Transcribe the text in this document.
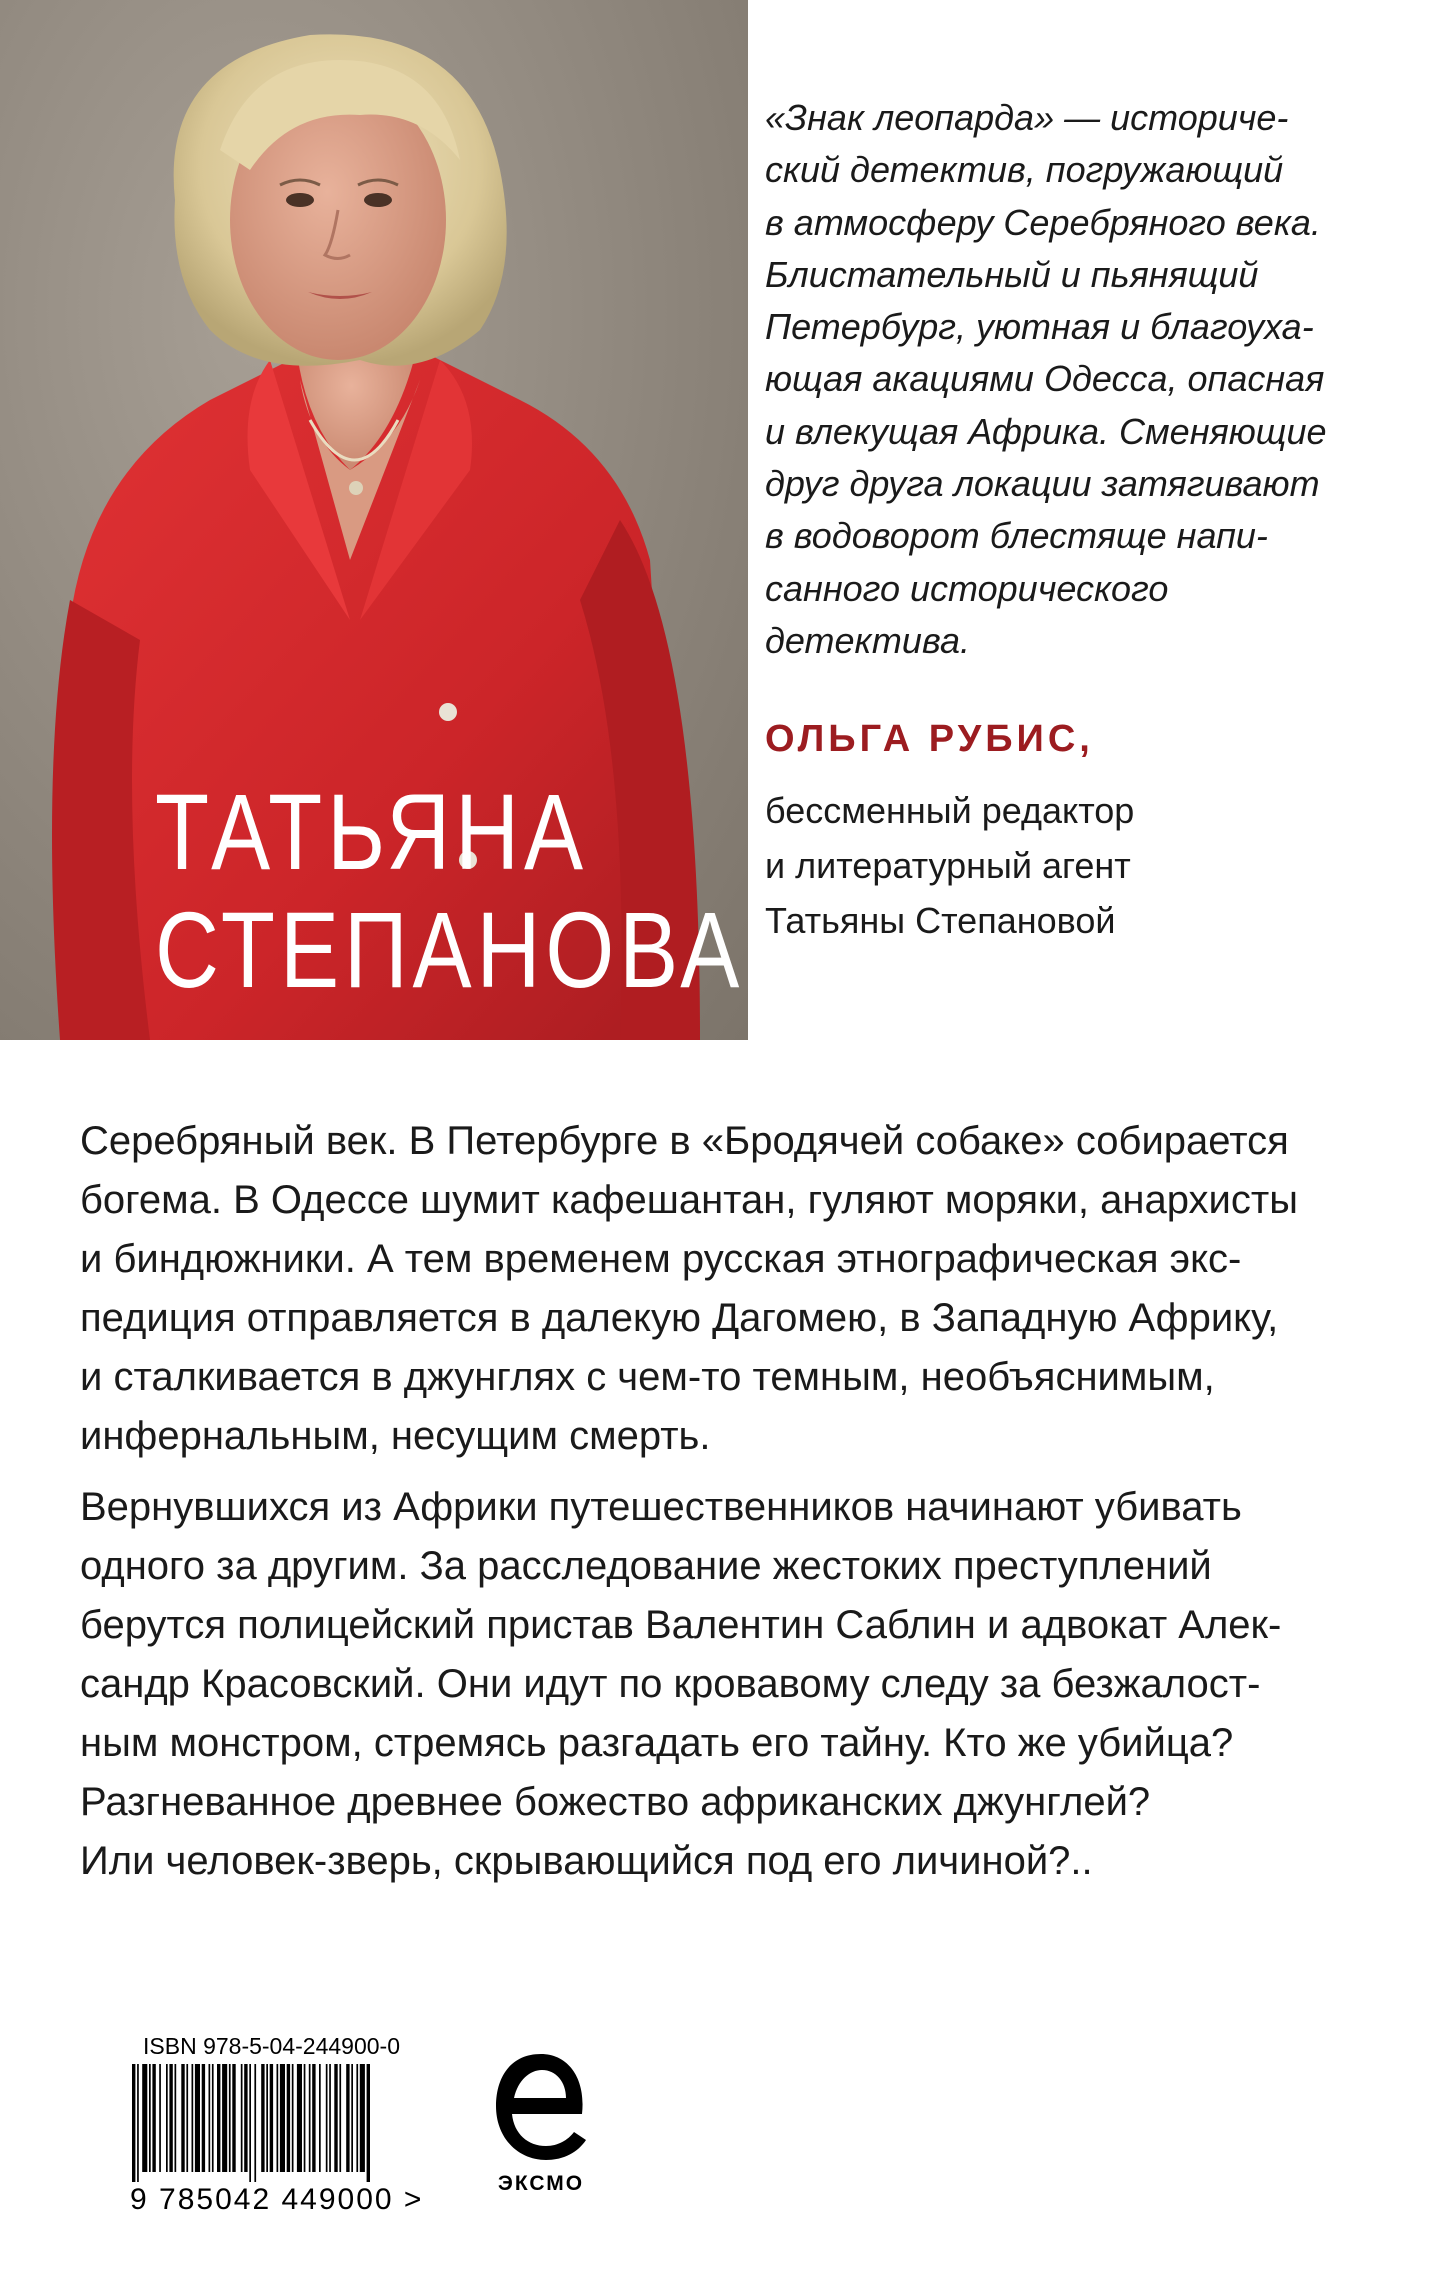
ТАТЬЯНА
СТЕПАНОВА
«Знак леопарда» — историче-
ский детектив, погружающий
в атмосферу Серебряного века.
Блистательный и пьянящий
Петербург, уютная и благоуха-
ющая акациями Одесса, опасная
и влекущая Африка. Сменяющие
друг друга локации затягивают
в водоворот блестяще напи-
санного исторического
детектива.
ОЛЬГА РУБИС,
бессменный редактор
и литературный агент
Татьяны Степановой
Серебряный век. В Петербурге в «Бродячей собаке» собирается
богема. В Одессе шумит кафешантан, гуляют моряки, анархисты
и биндюжники. А тем временем русская этнографическая экс-
педиция отправляется в далекую Дагомею, в Западную Африку,
и сталкивается в джунглях с чем-то темным, необъяснимым,
инфернальным, несущим смерть.
Вернувшихся из Африки путешественников начинают убивать
одного за другим. За расследование жестоких преступлений
берутся полицейский пристав Валентин Саблин и адвокат Алек-
сандр Красовский. Они идут по кровавому следу за безжалост-
ным монстром, стремясь разгадать его тайну. Кто же убийца?
Разгневанное древнее божество африканских джунглей?
Или человек-зверь, скрывающийся под его личиной?..
ISBN 978-5-04-244900-0
9 785042 449000 >	ЭКСМО
